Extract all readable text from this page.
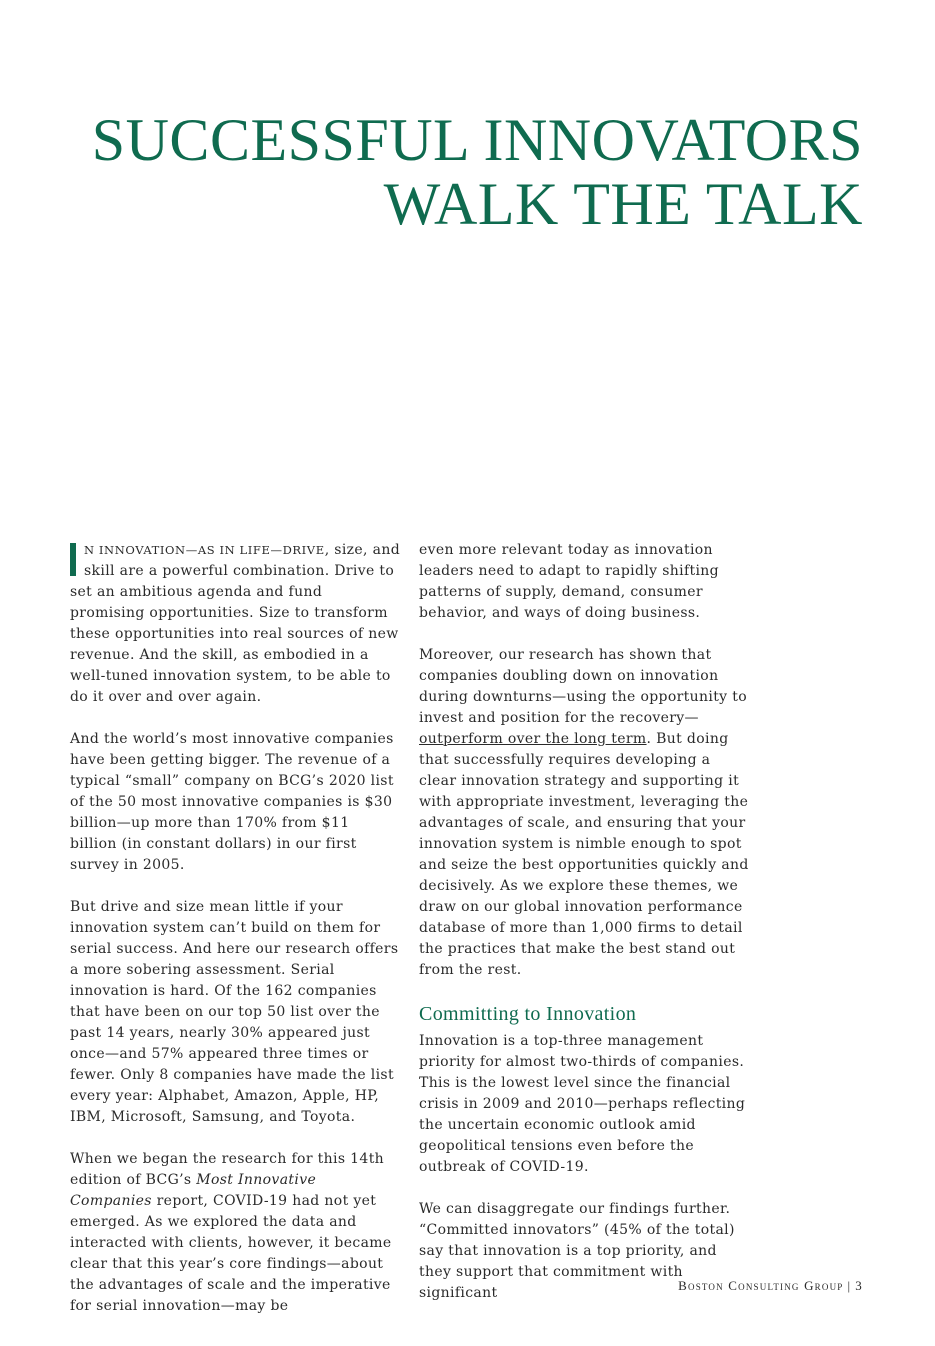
SUCCESSFUL INNOVATORS
WALK THE TALK

N INNOVATION—AS IN LIFE—DRIVE, size, and skill are a powerful combination. Drive to set an ambitious agenda and fund promising opportunities. Size to transform these opportunities into real sources of new revenue. And the skill, as embodied in a well-tuned innovation system, to be able to do it over and over again.

And the world’s most innovative companies have been getting bigger. The revenue of a typical “small” company on BCG’s 2020 list of the 50 most innovative companies is $30 billion—up more than 170% from $11 billion (in constant dollars) in our first survey in 2005.

But drive and size mean little if your innovation system can’t build on them for serial success. And here our research offers a more sobering assessment. Serial innovation is hard. Of the 162 companies that have been on our top 50 list over the past 14 years, nearly 30% appeared just once—and 57% appeared three times or fewer. Only 8 companies have made the list every year: Alphabet, Amazon, Apple, HP, IBM, Microsoft, Samsung, and Toyota.

When we began the research for this 14th edition of BCG’s Most Innovative Companies report, COVID-19 had not yet emerged. As we explored the data and interacted with clients, however, it became clear that this year’s core findings—about the advantages of scale and the imperative for serial innovation—may be

even more relevant today as innovation leaders need to adapt to rapidly shifting patterns of supply, demand, consumer behavior, and ways of doing business.

Moreover, our research has shown that companies doubling down on innovation during downturns—using the opportunity to invest and position for the recovery—outperform over the long term. But doing that successfully requires developing a clear innovation strategy and supporting it with appropriate investment, leveraging the advantages of scale, and ensuring that your innovation system is nimble enough to spot and seize the best opportunities quickly and decisively. As we explore these themes, we draw on our global innovation performance database of more than 1,000 firms to detail the practices that make the best stand out from the rest.

Committing to Innovation

Innovation is a top-three management priority for almost two-thirds of companies. This is the lowest level since the financial crisis in 2009 and 2010—perhaps reflecting the uncertain economic outlook amid geopolitical tensions even before the outbreak of COVID-19.

We can disaggregate our findings further. “Committed innovators” (45% of the total) say that innovation is a top priority, and they support that commitment with significant	Boston Consulting Group | 3
